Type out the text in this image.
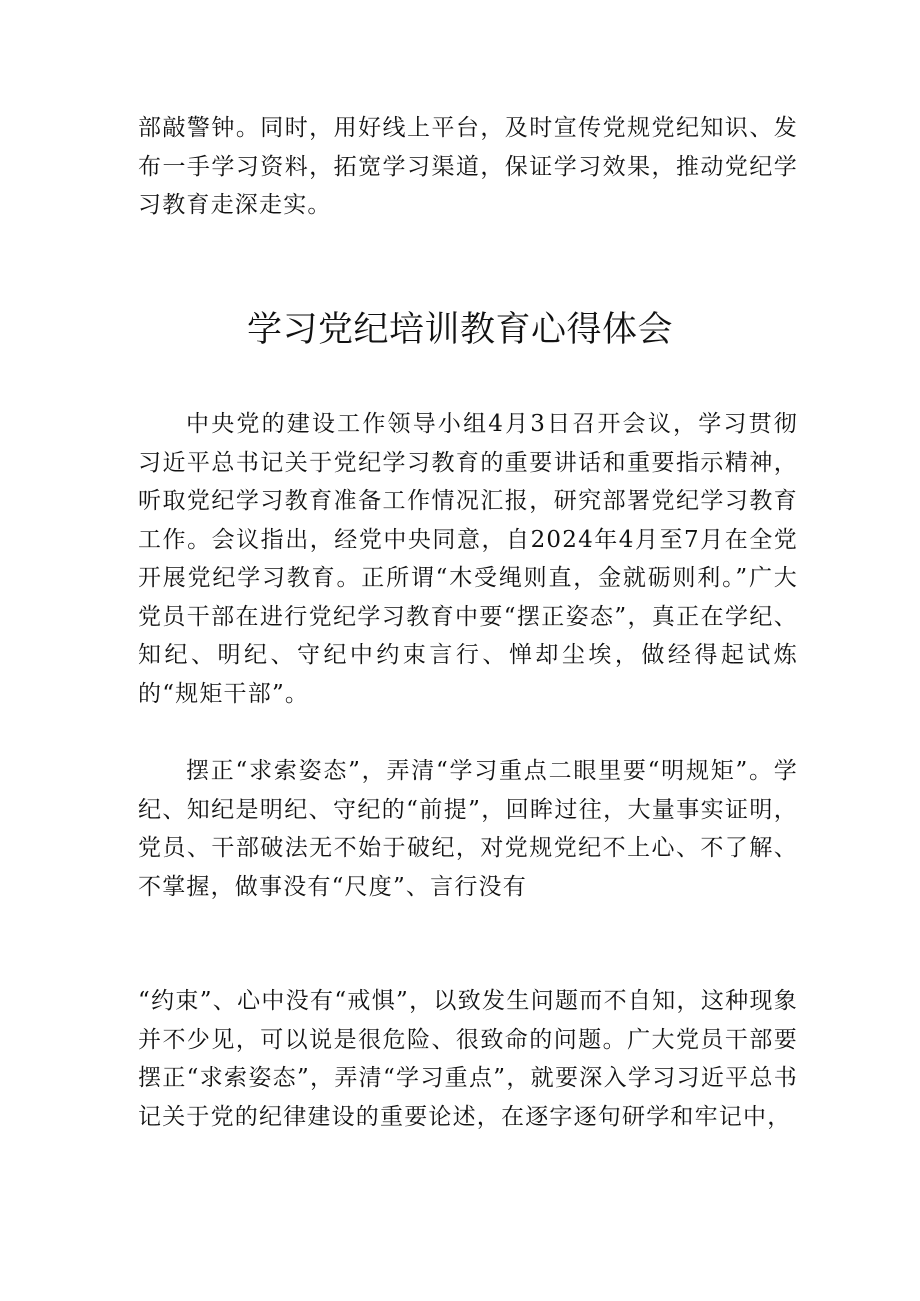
部敲警钟。同时，用好线上平台，及时宣传党规党纪知识、发布一手学习资料，拓宽学习渠道，保证学习效果，推动党纪学习教育走深走实。

学习党纪培训教育心得体会

中央党的建设工作领导小组4月3日召开会议，学习贯彻习近平总书记关于党纪学习教育的重要讲话和重要指示精神，听取党纪学习教育准备工作情况汇报，研究部署党纪学习教育工作。会议指出，经党中央同意，自2024年4月至7月在全党开展党纪学习教育。正所谓“木受绳则直，金就砺则利。”广大党员干部在进行党纪学习教育中要“摆正姿态”，真正在学纪、知纪、明纪、守纪中约束言行、惮却尘埃，做经得起试炼的“规矩干部”。

摆正“求索姿态”，弄清“学习重点二眼里要“明规矩”。学纪、知纪是明纪、守纪的“前提”，回眸过往，大量事实证明，党员、干部破法无不始于破纪，对党规党纪不上心、不了解、不掌握，做事没有“尺度”、言行没有

“约束”、心中没有“戒惧”，以致发生问题而不自知，这种现象并不少见，可以说是很危险、很致命的问题。广大党员干部要摆正“求索姿态”，弄清“学习重点”，就要深入学习习近平总书记关于党的纪律建设的重要论述，在逐字逐句研学和牢记中，
